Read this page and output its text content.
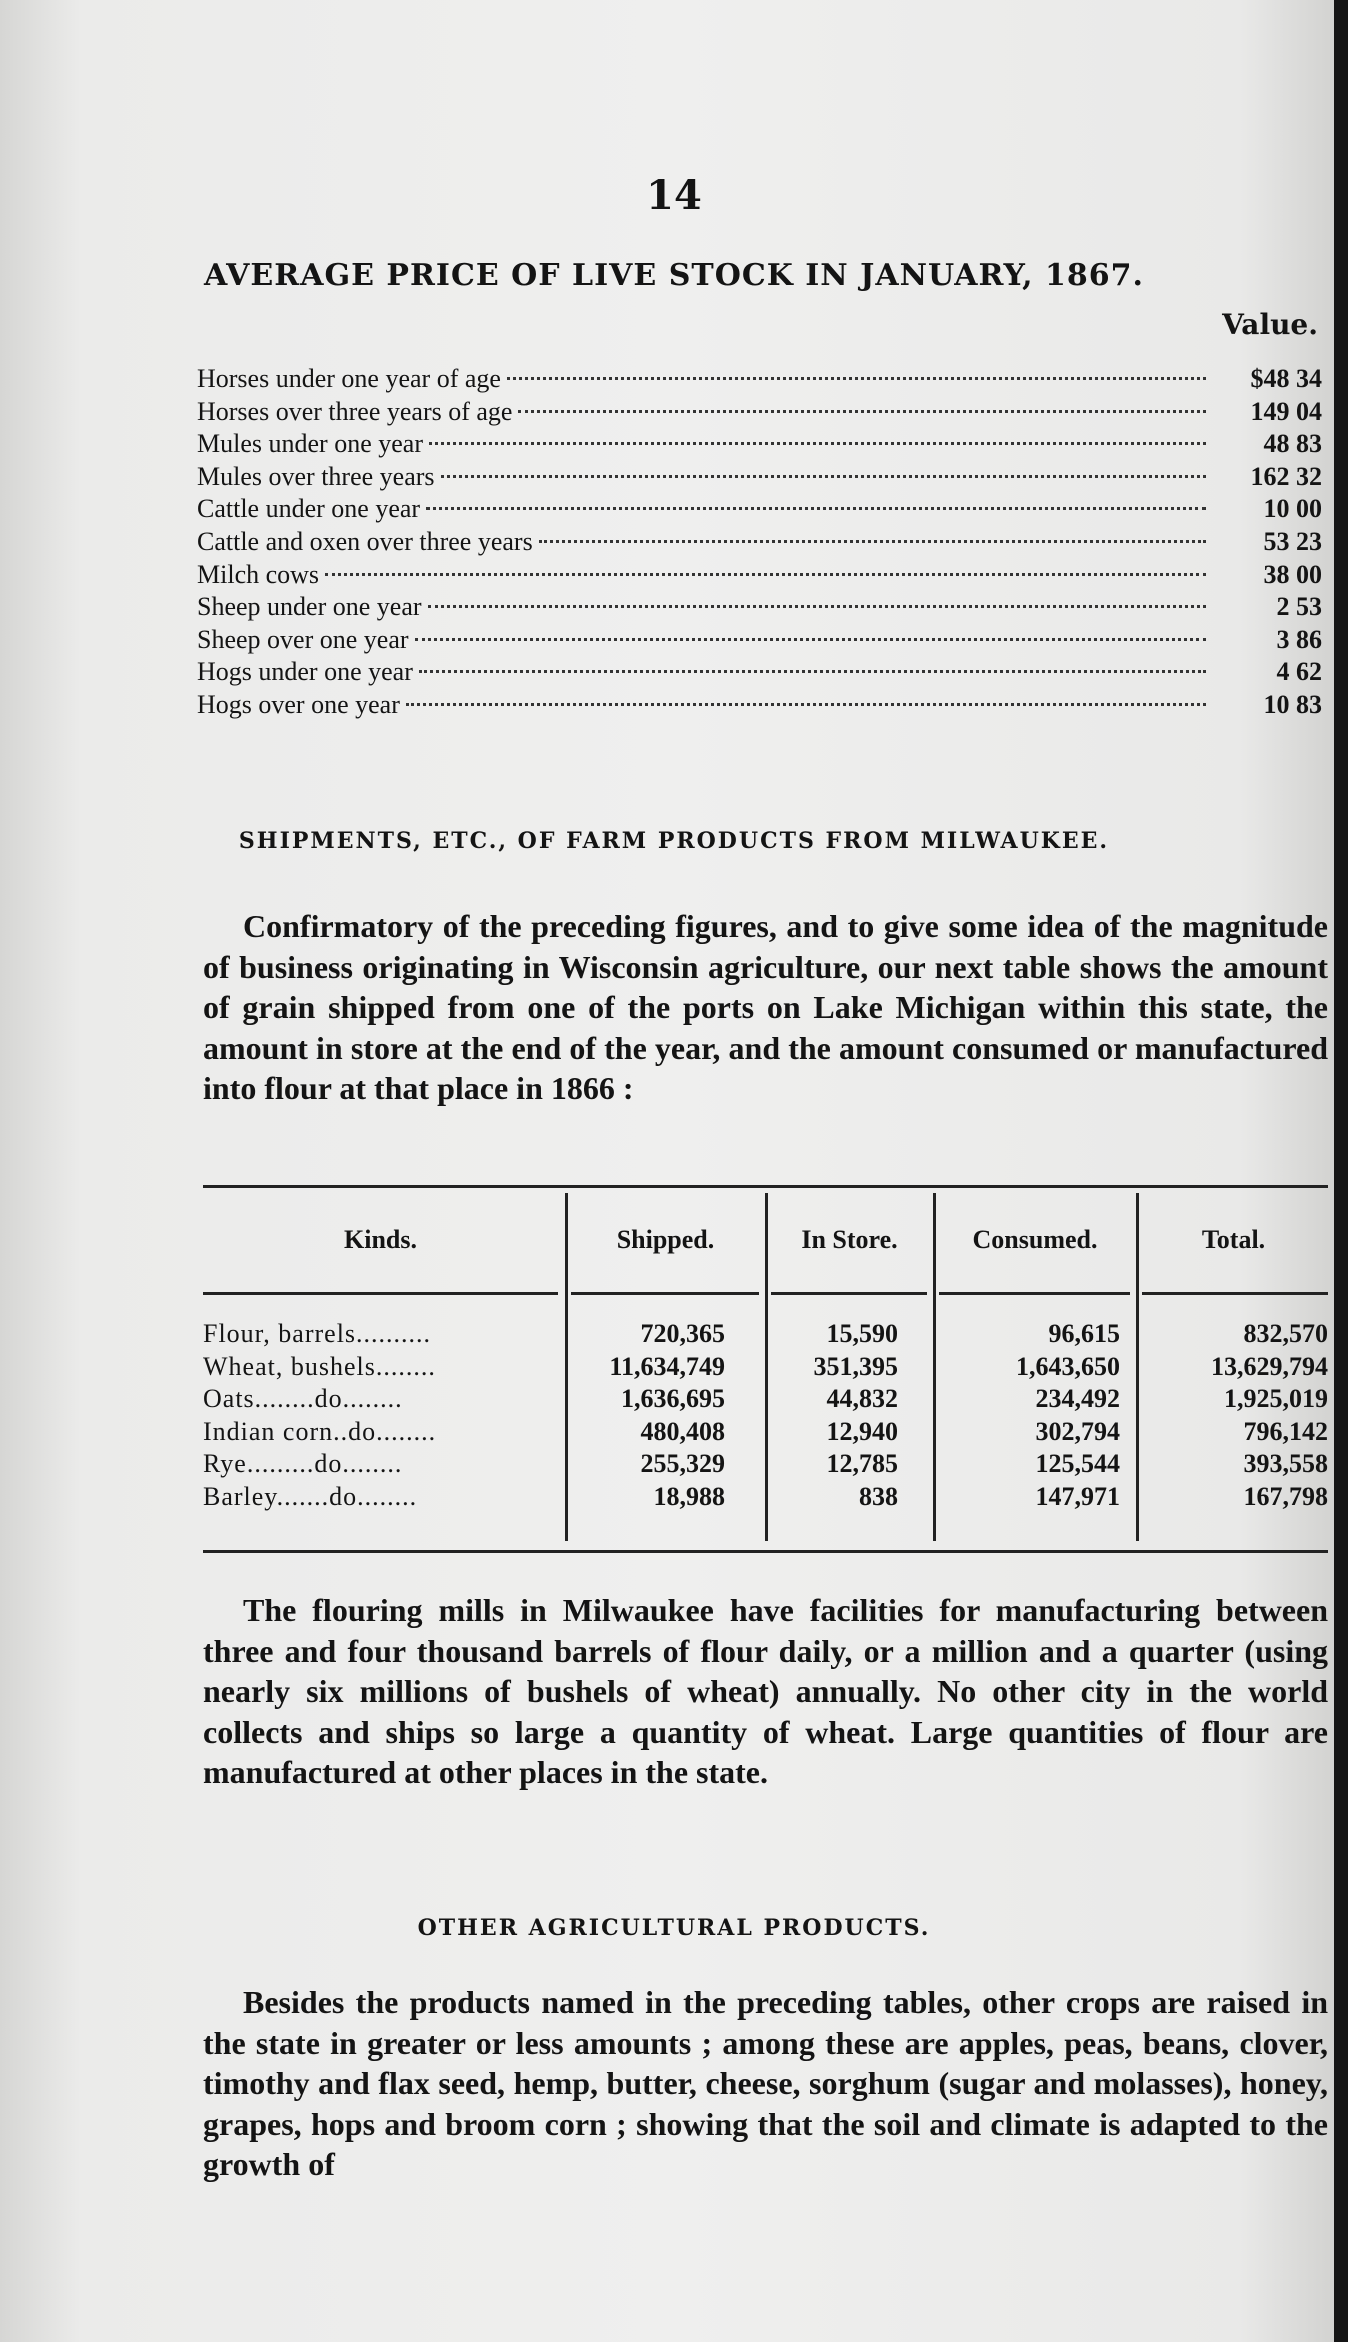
14
AVERAGE PRICE OF LIVE STOCK IN JANUARY, 1867.
Value.
Horses under one year of age	$48 34
Horses over three years of age	149 04
Mules under one year	48 83
Mules over three years	162 32
Cattle under one year	10 00
Cattle and oxen over three years	53 23
Milch cows	38 00
Sheep under one year	2 53
Sheep over one year	3 86
Hogs under one year	4 62
Hogs over one year	10 83
SHIPMENTS, ETC., OF FARM PRODUCTS FROM MILWAUKEE.
Confirmatory of the preceding figures, and to give some idea of the magnitude of business originating in Wisconsin agriculture, our next table shows the amount of grain shipped from one of the ports on Lake Michigan within this state, the amount in store at the end of the year, and the amount consumed or manufactured into flour at that place in 1866 :
Kinds.	Shipped.	In Store.	Consumed.	Total.
Flour, barrels..........	720,365	15,590	96,615	832,570
Wheat, bushels........	11,634,749	351,395	1,643,650	13,629,794
Oats........do........	1,636,695	44,832	234,492	1,925,019
Indian corn..do........	480,408	12,940	302,794	796,142
Rye.........do........	255,329	12,785	125,544	393,558
Barley.......do........	18,988	838	147,971	167,798
The flouring mills in Milwaukee have facilities for manufacturing between three and four thousand barrels of flour daily, or a million and a quarter (using nearly six millions of bushels of wheat) annually. No other city in the world collects and ships so large a quantity of wheat. Large quantities of flour are manufactured at other places in the state.
OTHER AGRICULTURAL PRODUCTS.
Besides the products named in the preceding tables, other crops are raised in the state in greater or less amounts ; among these are apples, peas, beans, clover, timothy and flax seed, hemp, butter, cheese, sorghum (sugar and molasses), honey, grapes, hops and broom corn ; showing that the soil and climate is adapted to the growth of
